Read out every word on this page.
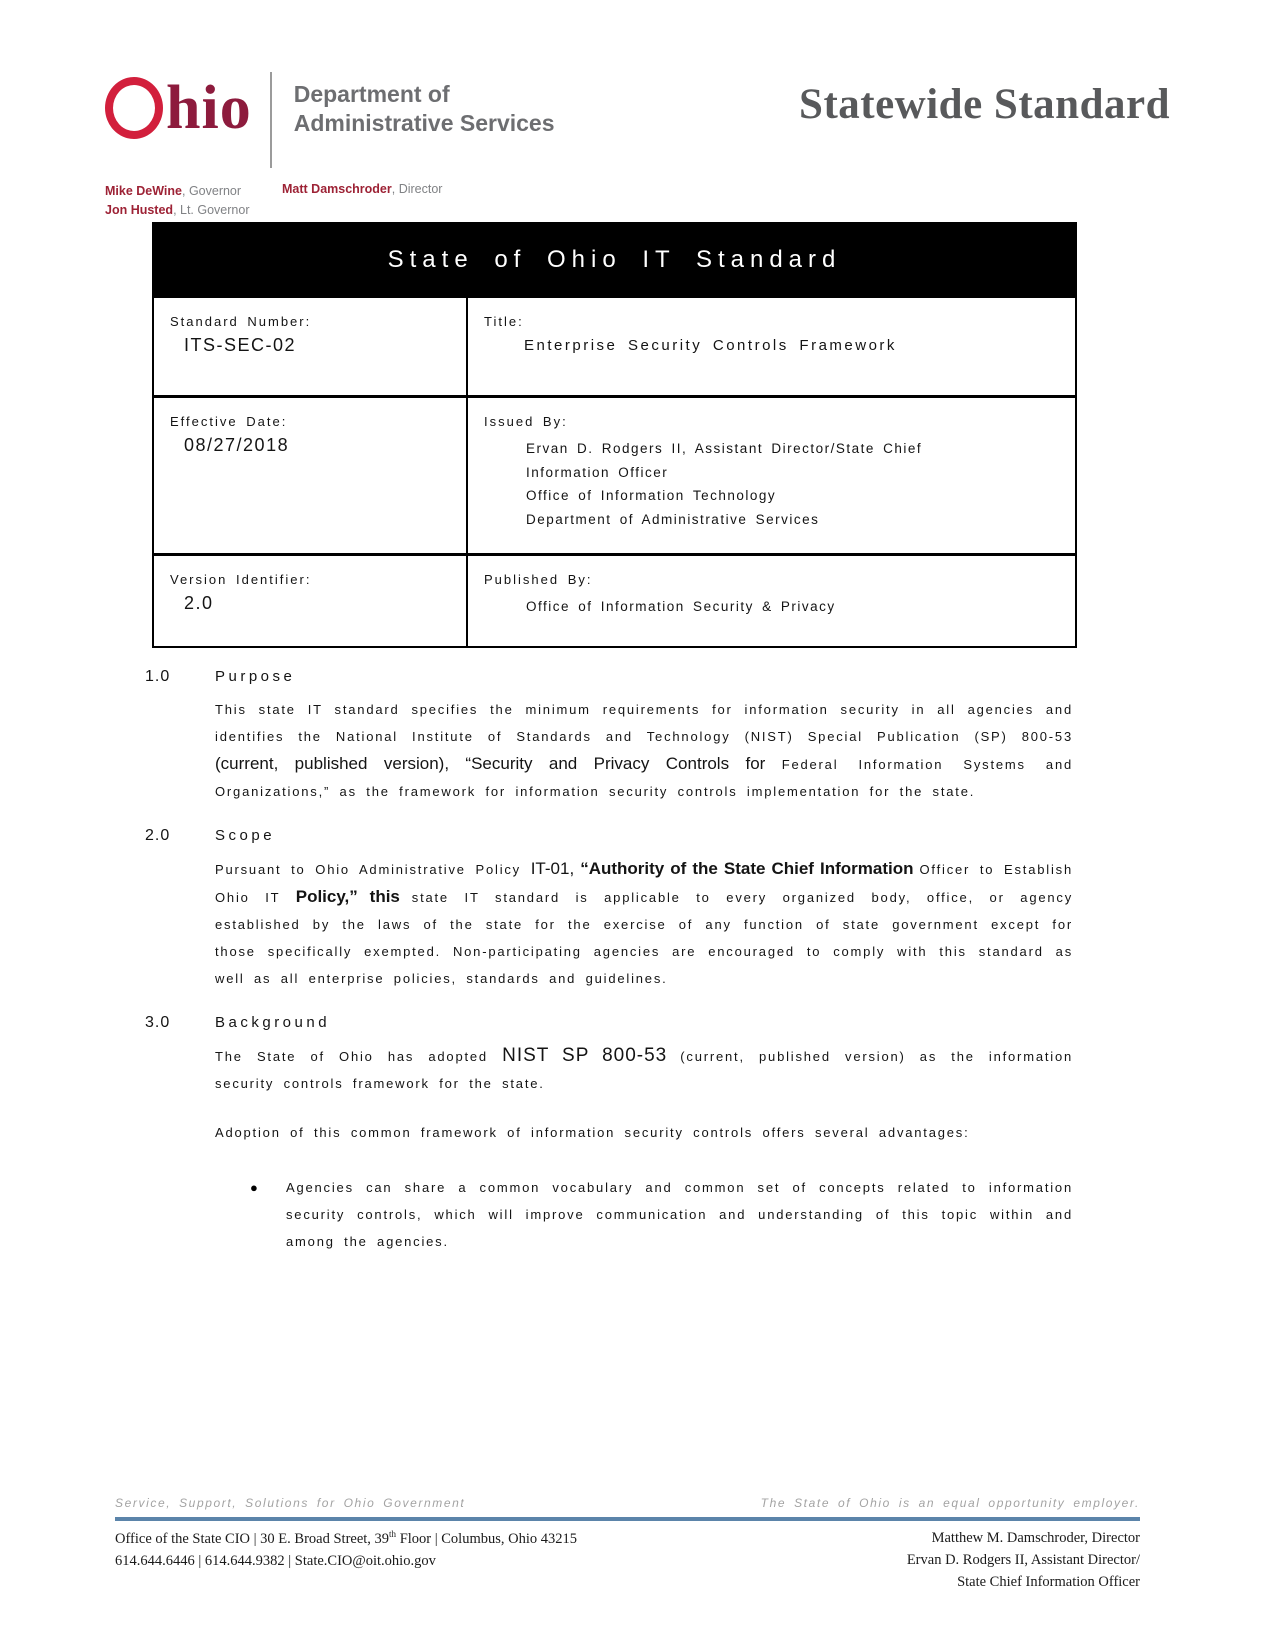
hio Department of
Administrative Services
Mike DeWine, Governor
Jon Husted, Lt. Governor
Matt Damschroder, Director
Statewide Standard
State of Ohio IT Standard
Standard Number:
ITS-SEC-02
Title:
Enterprise Security Controls Framework
Effective Date:
08/27/2018
Issued By:
Ervan D. Rodgers II, Assistant Director/State Chief
Information Officer
Office of Information Technology
Department of Administrative Services
Version Identifier:
2.0
Published By:
Office of Information Security & Privacy
1.0	Purpose

This state IT standard specifies the minimum requirements for information security in all agencies and identifies the National Institute of Standards and Technology (NIST) Special Publication (SP) 800-53 (current, published version), “Security and Privacy Controls for Federal Information Systems and Organizations,” as the framework for information security controls implementation for the state.

2.0	Scope

Pursuant to Ohio Administrative Policy IT-01, “Authority of the State Chief Information Officer to Establish Ohio IT Policy,” this state IT standard is applicable to every organized body, office, or agency established by the laws of the state for the exercise of any function of state government except for those specifically exempted. Non-participating agencies are encouraged to comply with this standard as well as all enterprise policies, standards and guidelines.

3.0	Background

The State of Ohio has adopted NIST SP 800-53 (current, published version) as the information security controls framework for the state.

Adoption of this common framework of information security controls offers several advantages:

●	Agencies can share a common vocabulary and common set of concepts related to information security controls, which will improve communication and understanding of this topic within and among the agencies.

Service, Support, Solutions for Ohio Government	The State of Ohio is an equal opportunity employer.
Office of the State CIO | 30 E. Broad Street, 39th Floor | Columbus, Ohio 43215
614.644.6446 | 614.644.9382 | State.CIO@oit.ohio.gov
Matthew M. Damschroder, Director
Ervan D. Rodgers II, Assistant Director/
State Chief Information Officer
